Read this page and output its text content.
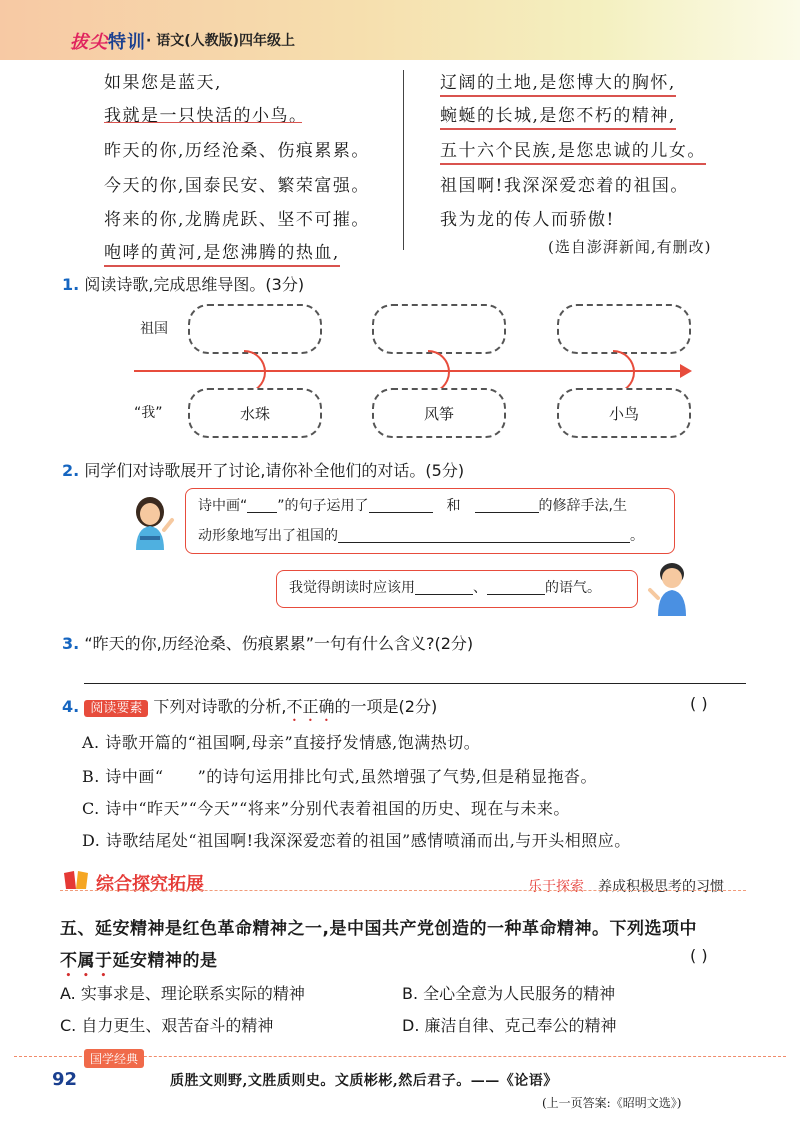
拔尖特训 · 语文(人教版)四年级上
如果您是蓝天,
我就是一只快活的小鸟。
昨天的你,历经沧桑、伤痕累累。
今天的你,国泰民安、繁荣富强。
将来的你,龙腾虎跃、坚不可摧。
咆哮的黄河,是您沸腾的热血,
辽阔的土地,是您博大的胸怀,
蜿蜒的长城,是您不朽的精神,
五十六个民族,是您忠诚的儿女。
祖国啊!我深深爱恋着的祖国。
我为龙的传人而骄傲!
(选自澎湃新闻,有删改)
1. 阅读诗歌,完成思维导图。(3分)
祖国
“我”	水珠	风筝	小鸟
2. 同学们对诗歌展开了讨论,请你补全他们的对话。(5分)
诗中画“ ”的句子运用了	和	的修辞手法,生
动形象地写出了祖国的	。
我觉得朗读时应该用	、	的语气。
3. “昨天的你,历经沧桑、伤痕累累”一句有什么含义?(2分)
4. 阅读要素 下列对诗歌的分析,不正确的一项是(2分)	( )
A. 诗歌开篇的“祖国啊,母亲”直接抒发情感,饱满热切。
B. 诗中画“ ”的诗句运用排比句式,虽然增强了气势,但是稍显拖沓。
C. 诗中“昨天”“今天”“将来”分别代表着祖国的历史、现在与未来。
D. 诗歌结尾处“祖国啊!我深深爱恋着的祖国”感情喷涌而出,与开头相照应。
综合探究拓展	乐于探索 养成积极思考的习惯
五、延安精神是红色革命精神之一,是中国共产党创造的一种革命精神。下列选项中
不属于延安精神的是	( )
A. 实事求是、理论联系实际的精神	B. 全心全意为人民服务的精神
C. 自力更生、艰苦奋斗的精神	D. 廉洁自律、克己奉公的精神
国学经典
92	质胜文则野,文胜质则史。文质彬彬,然后君子。——《论语》
(上一页答案:《昭明文选》)
